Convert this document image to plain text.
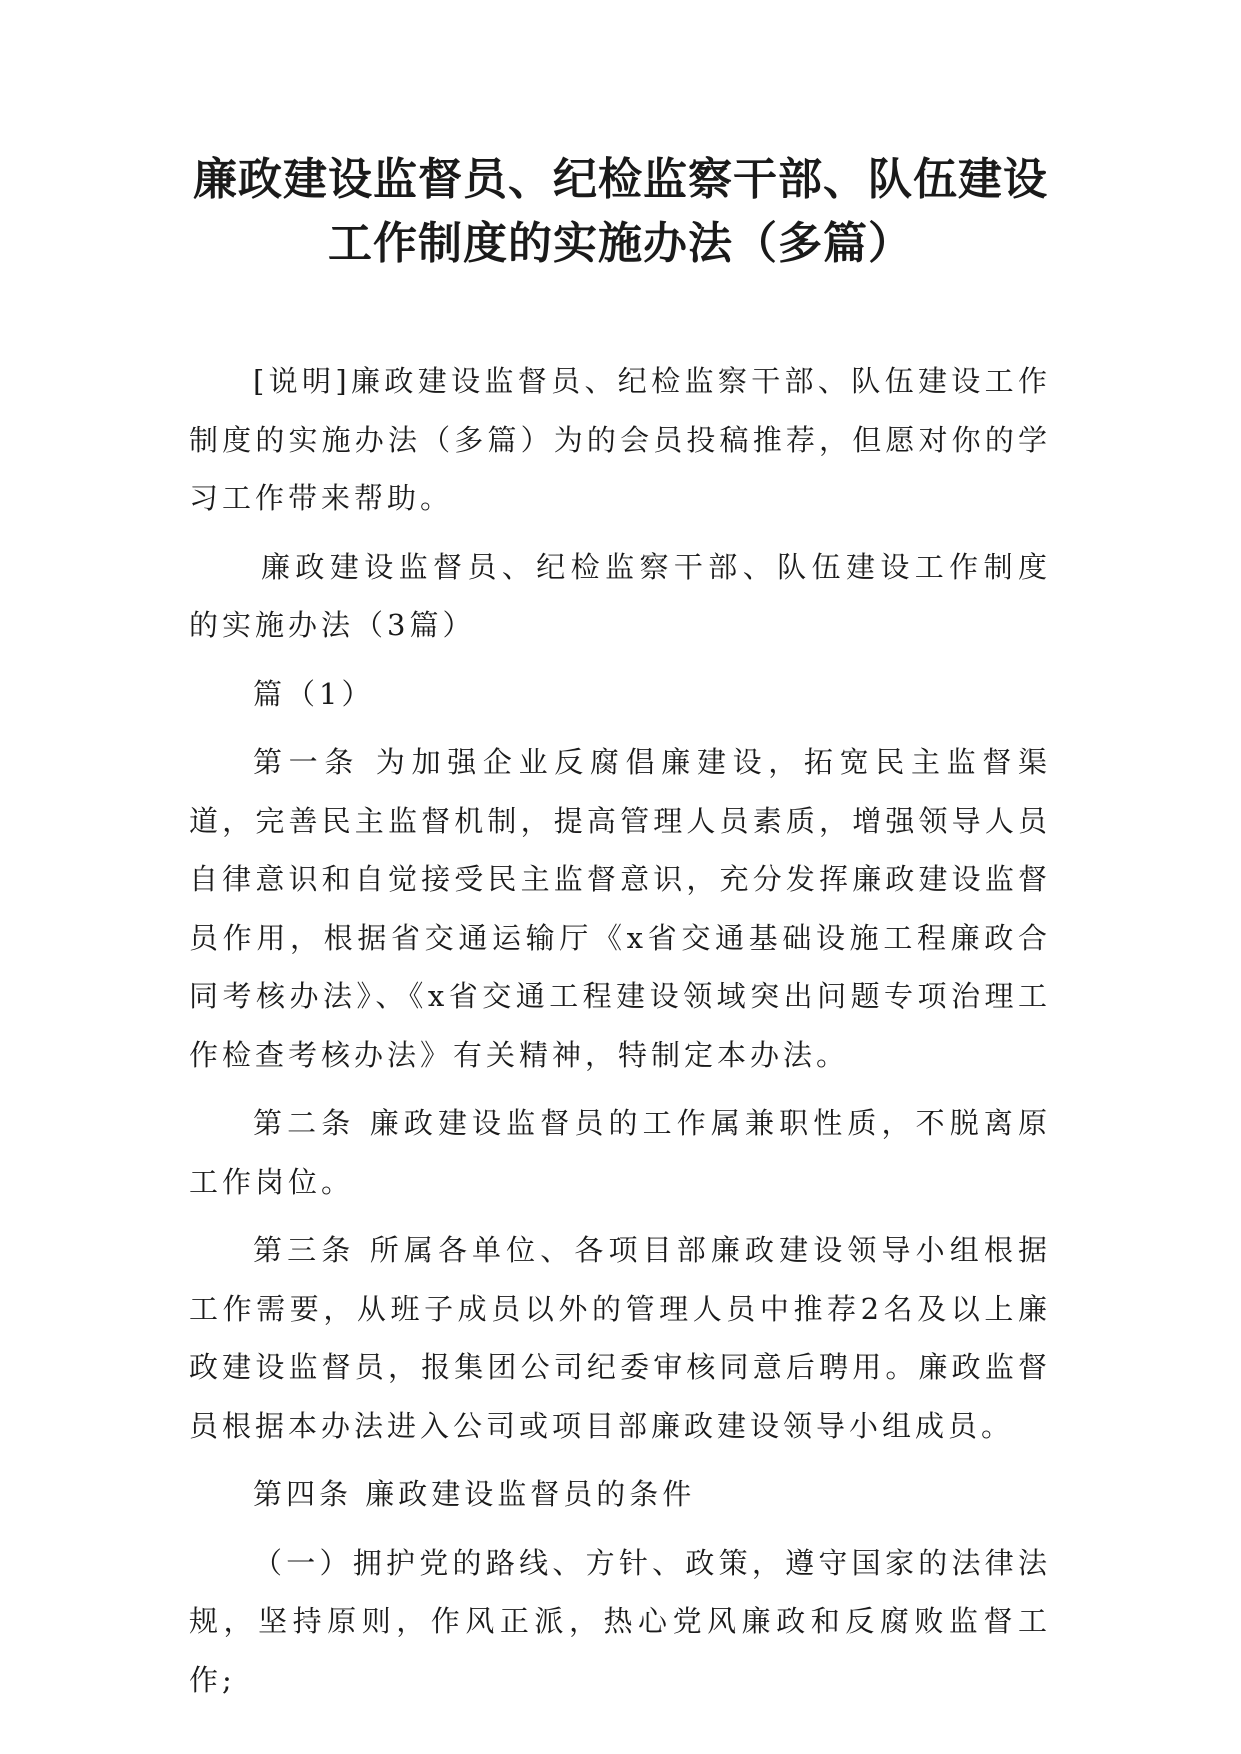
廉政建设监督员、纪检监察干部、队伍建设
工作制度的实施办法（多篇）

[说明]廉政建设监督员、纪检监察干部、队伍建设工作制度的实施办法（多篇）为的会员投稿推荐，但愿对你的学习工作带来帮助。

廉政建设监督员、纪检监察干部、队伍建设工作制度的实施办法（3篇）

篇（1）

第一条 为加强企业反腐倡廉建设，拓宽民主监督渠道，完善民主监督机制，提高管理人员素质，增强领导人员自律意识和自觉接受民主监督意识，充分发挥廉政建设监督员作用，根据省交通运输厅《x省交通基础设施工程廉政合同考核办法》、《x省交通工程建设领域突出问题专项治理工作检查考核办法》有关精神，特制定本办法。

第二条 廉政建设监督员的工作属兼职性质，不脱离原工作岗位。

第三条 所属各单位、各项目部廉政建设领导小组根据工作需要，从班子成员以外的管理人员中推荐2名及以上廉政建设监督员，报集团公司纪委审核同意后聘用。廉政监督员根据本办法进入公司或项目部廉政建设领导小组成员。

第四条 廉政建设监督员的条件

（一）拥护党的路线、方针、政策，遵守国家的法律法规，坚持原则，作风正派，热心党风廉政和反腐败监督工作;
